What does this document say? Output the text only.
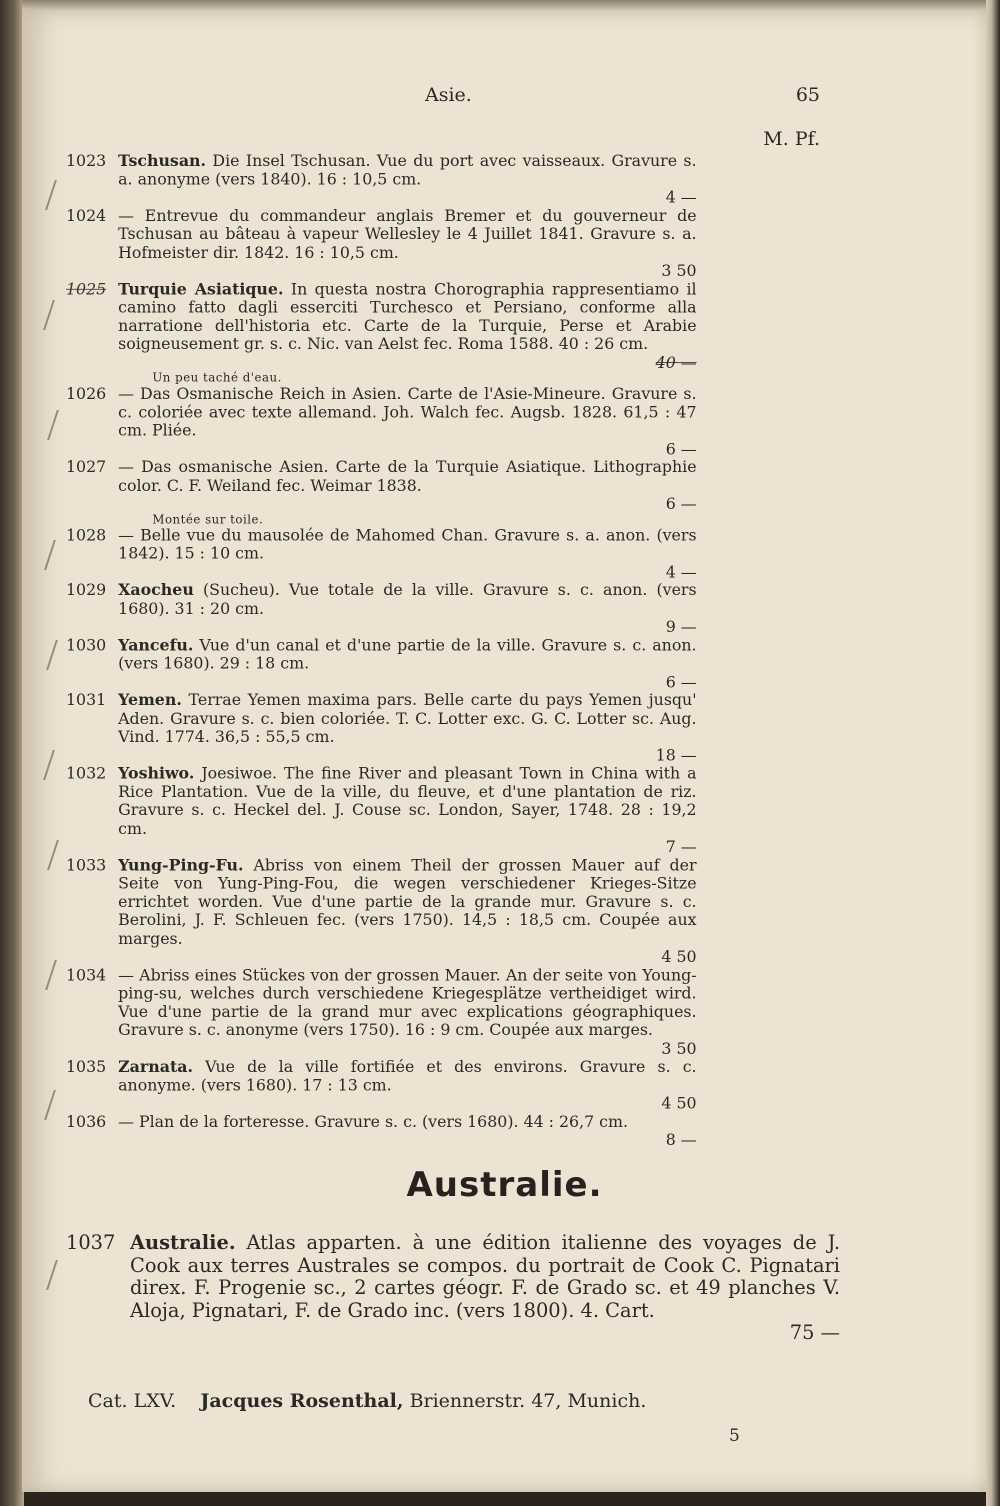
Asie.	65
M. Pf.
1023 Tschusan. Die Insel Tschusan. Vue du port avec vaisseaux. Gravure s. a. anonyme (vers 1840). 16 : 10,5 cm.
4 —
1024 — Entrevue du commandeur anglais Bremer et du gouverneur de Tschusan au bâteau à vapeur Wellesley le 4 Juillet 1841. Gravure s. a. Hofmeister dir. 1842. 16 : 10,5 cm.
3 50
1025 Turquie Asiatique. In questa nostra Chorographia rappresentiamo il camino fatto dagli esserciti Turchesco et Persiano, conforme alla narratione dell'historia etc. Carte de la Turquie, Perse et Arabie soigneusement gr. s. c. Nic. van Aelst fec. Roma 1588. 40 : 26 cm.
40 —
Un peu taché d'eau.
1026 — Das Osmanische Reich in Asien. Carte de l'Asie-Mineure. Gravure s. c. coloriée avec texte allemand. Joh. Walch fec. Augsb. 1828. 61,5 : 47 cm. Pliée.
6 —
1027 — Das osmanische Asien. Carte de la Turquie Asiatique. Lithographie color. C. F. Weiland fec. Weimar 1838.
6 —
Montée sur toile.
1028 — Belle vue du mausolée de Mahomed Chan. Gravure s. a. anon. (vers 1842). 15 : 10 cm.
4 —
1029 Xaocheu (Sucheu). Vue totale de la ville. Gravure s. c. anon. (vers 1680). 31 : 20 cm.
9 —
1030 Yancefu. Vue d'un canal et d'une partie de la ville. Gravure s. c. anon. (vers 1680). 29 : 18 cm.
6 —
1031 Yemen. Terrae Yemen maxima pars. Belle carte du pays Yemen jusqu' Aden. Gravure s. c. bien coloriée. T. C. Lotter exc. G. C. Lotter sc. Aug. Vind. 1774. 36,5 : 55,5 cm.
18 —
1032 Yoshiwo. Joesiwoe. The fine River and pleasant Town in China with a Rice Plantation. Vue de la ville, du fleuve, et d'une plantation de riz. Gravure s. c. Heckel del. J. Couse sc. London, Sayer, 1748. 28 : 19,2 cm.
7 —
1033 Yung-Ping-Fu. Abriss von einem Theil der grossen Mauer auf der Seite von Yung-Ping-Fou, die wegen verschiedener Krieges-Sitze errichtet worden. Vue d'une partie de la grande mur. Gravure s. c. Berolini, J. F. Schleuen fec. (vers 1750). 14,5 : 18,5 cm. Coupée aux marges.
4 50
1034 — Abriss eines Stückes von der grossen Mauer. An der seite von Young-ping-su, welches durch verschiedene Kriegesplätze vertheidiget wird. Vue d'une partie de la grand mur avec explications géographiques. Gravure s. c. anonyme (vers 1750). 16 : 9 cm. Coupée aux marges.
3 50
1035 Zarnata. Vue de la ville fortifiée et des environs. Gravure s. c. anonyme. (vers 1680). 17 : 13 cm.
4 50
1036 — Plan de la forteresse. Gravure s. c. (vers 1680). 44 : 26,7 cm.
8 —
Australie.
1037 Australie. Atlas apparten. à une édition italienne des voyages de J. Cook aux terres Australes se compos. du portrait de Cook C. Pignatari direx. F. Progenie sc., 2 cartes géogr. F. de Grado sc. et 49 planches V. Aloja, Pignatari, F. de Grado inc. (vers 1800). 4. Cart.
75 —
Cat. LXV. Jacques Rosenthal, Briennerstr. 47, Munich.
5
